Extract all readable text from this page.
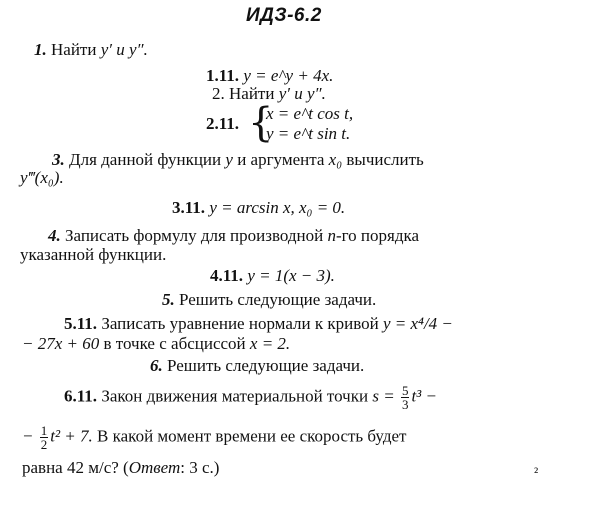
ИДЗ-6.2
1. Найти y′ и y″.
1.11. y = e^y + 4x.
2. Найти y′ и y″.
2.11. {
x = e^t cos t,
y = e^t sin t.
3. Для данной функции y и аргумента x₀ вычислить
y‴(x₀).
3.11. y = arcsin x, x₀ = 0.
4. Записать формулу для производной n-го порядка
указанной функции.
4.11. y = 1(x − 3).
5. Решить следующие задачи.
5.11. Записать уравнение нормали к кривой y = x⁴/4 −
− 27x + 60 в точке с абсциссой x = 2.
6. Решить следующие задачи.
6.11. Закон движения материальной точки $s = \frac{5}{3} t^3$ −
− $\frac{1}{2} t^2 + 7$. В какой момент времени ее скорость будет
равна 42 м/с? (Ответ: 3 с.)	²
